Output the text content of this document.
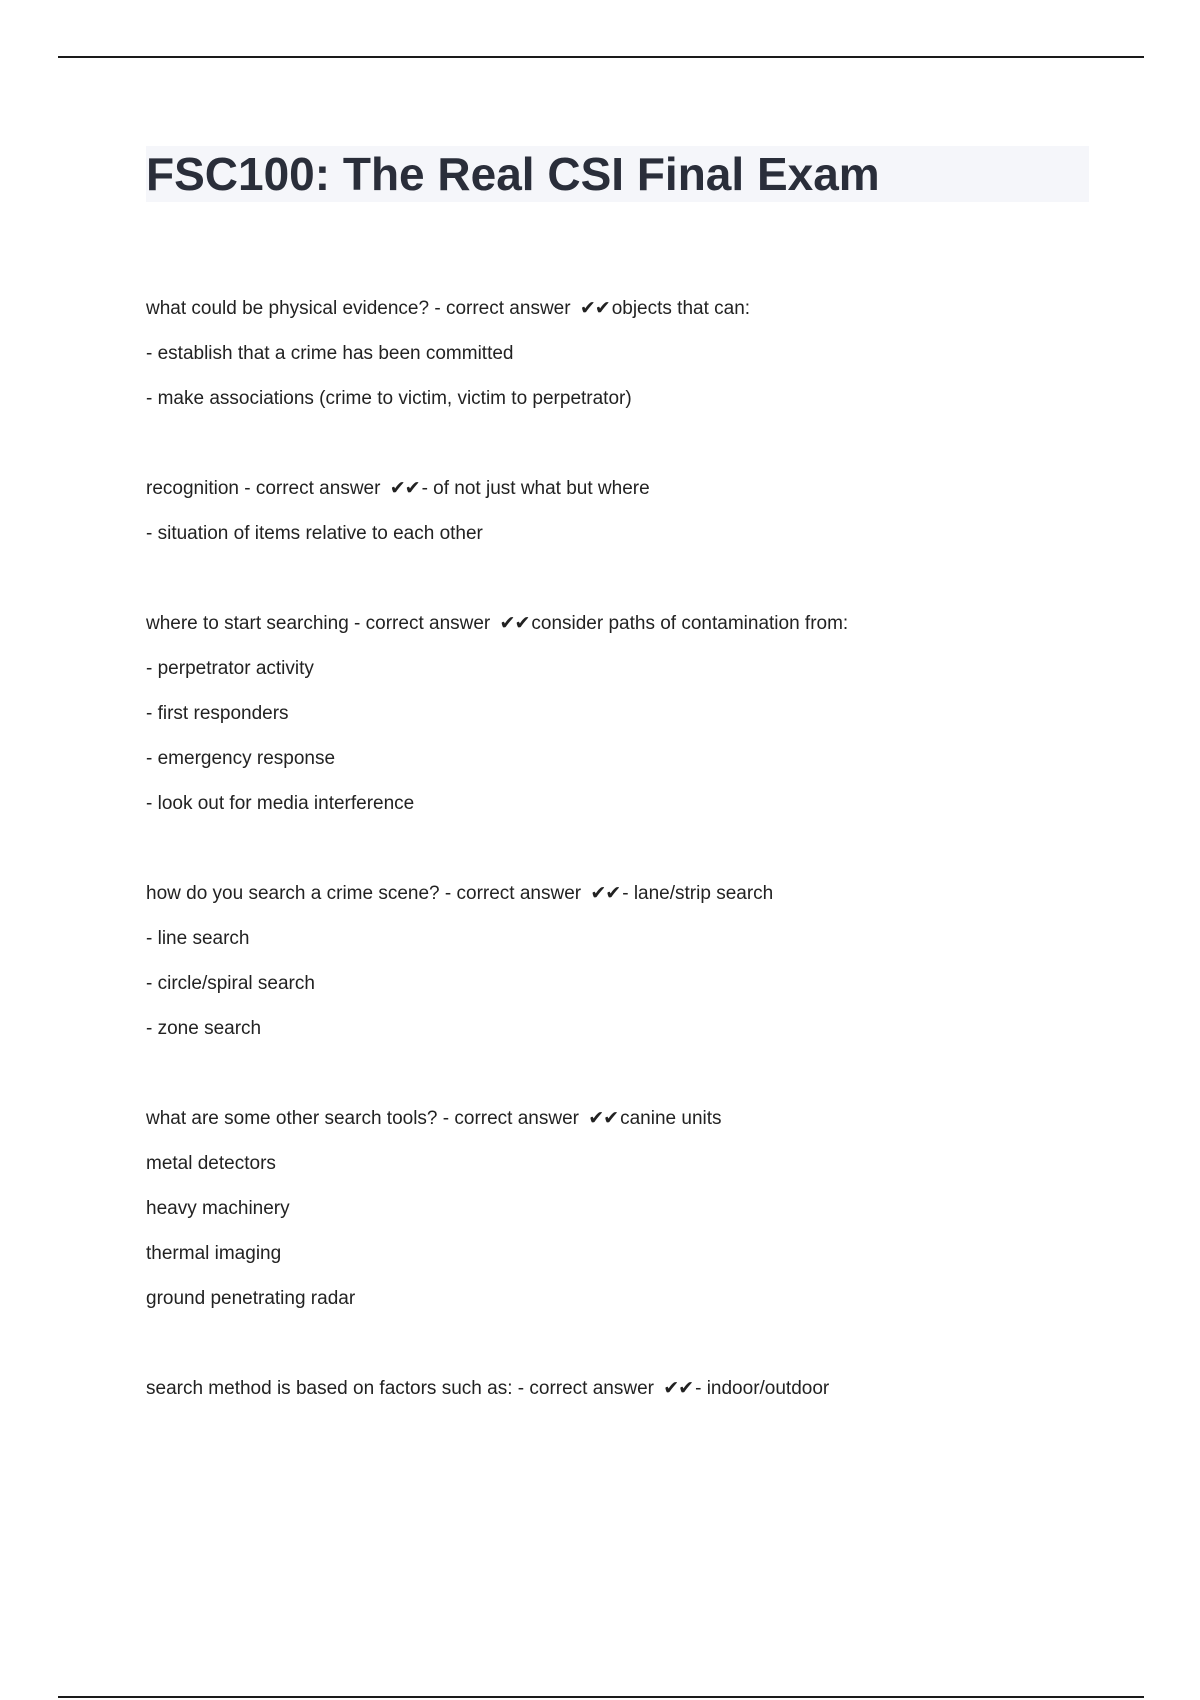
FSC100: The Real CSI Final Exam
what could be physical evidence? - correct answer ✔✔ objects that can:
- establish that a crime has been committed
- make associations (crime to victim, victim to perpetrator)
recognition - correct answer ✔✔ - of not just what but where
- situation of items relative to each other
where to start searching - correct answer ✔✔ consider paths of contamination from:
- perpetrator activity
- first responders
- emergency response
- look out for media interference
how do you search a crime scene? - correct answer ✔✔ - lane/strip search
- line search
- circle/spiral search
- zone search
what are some other search tools? - correct answer ✔✔ canine units
metal detectors
heavy machinery
thermal imaging
ground penetrating radar
search method is based on factors such as: - correct answer ✔✔ - indoor/outdoor
